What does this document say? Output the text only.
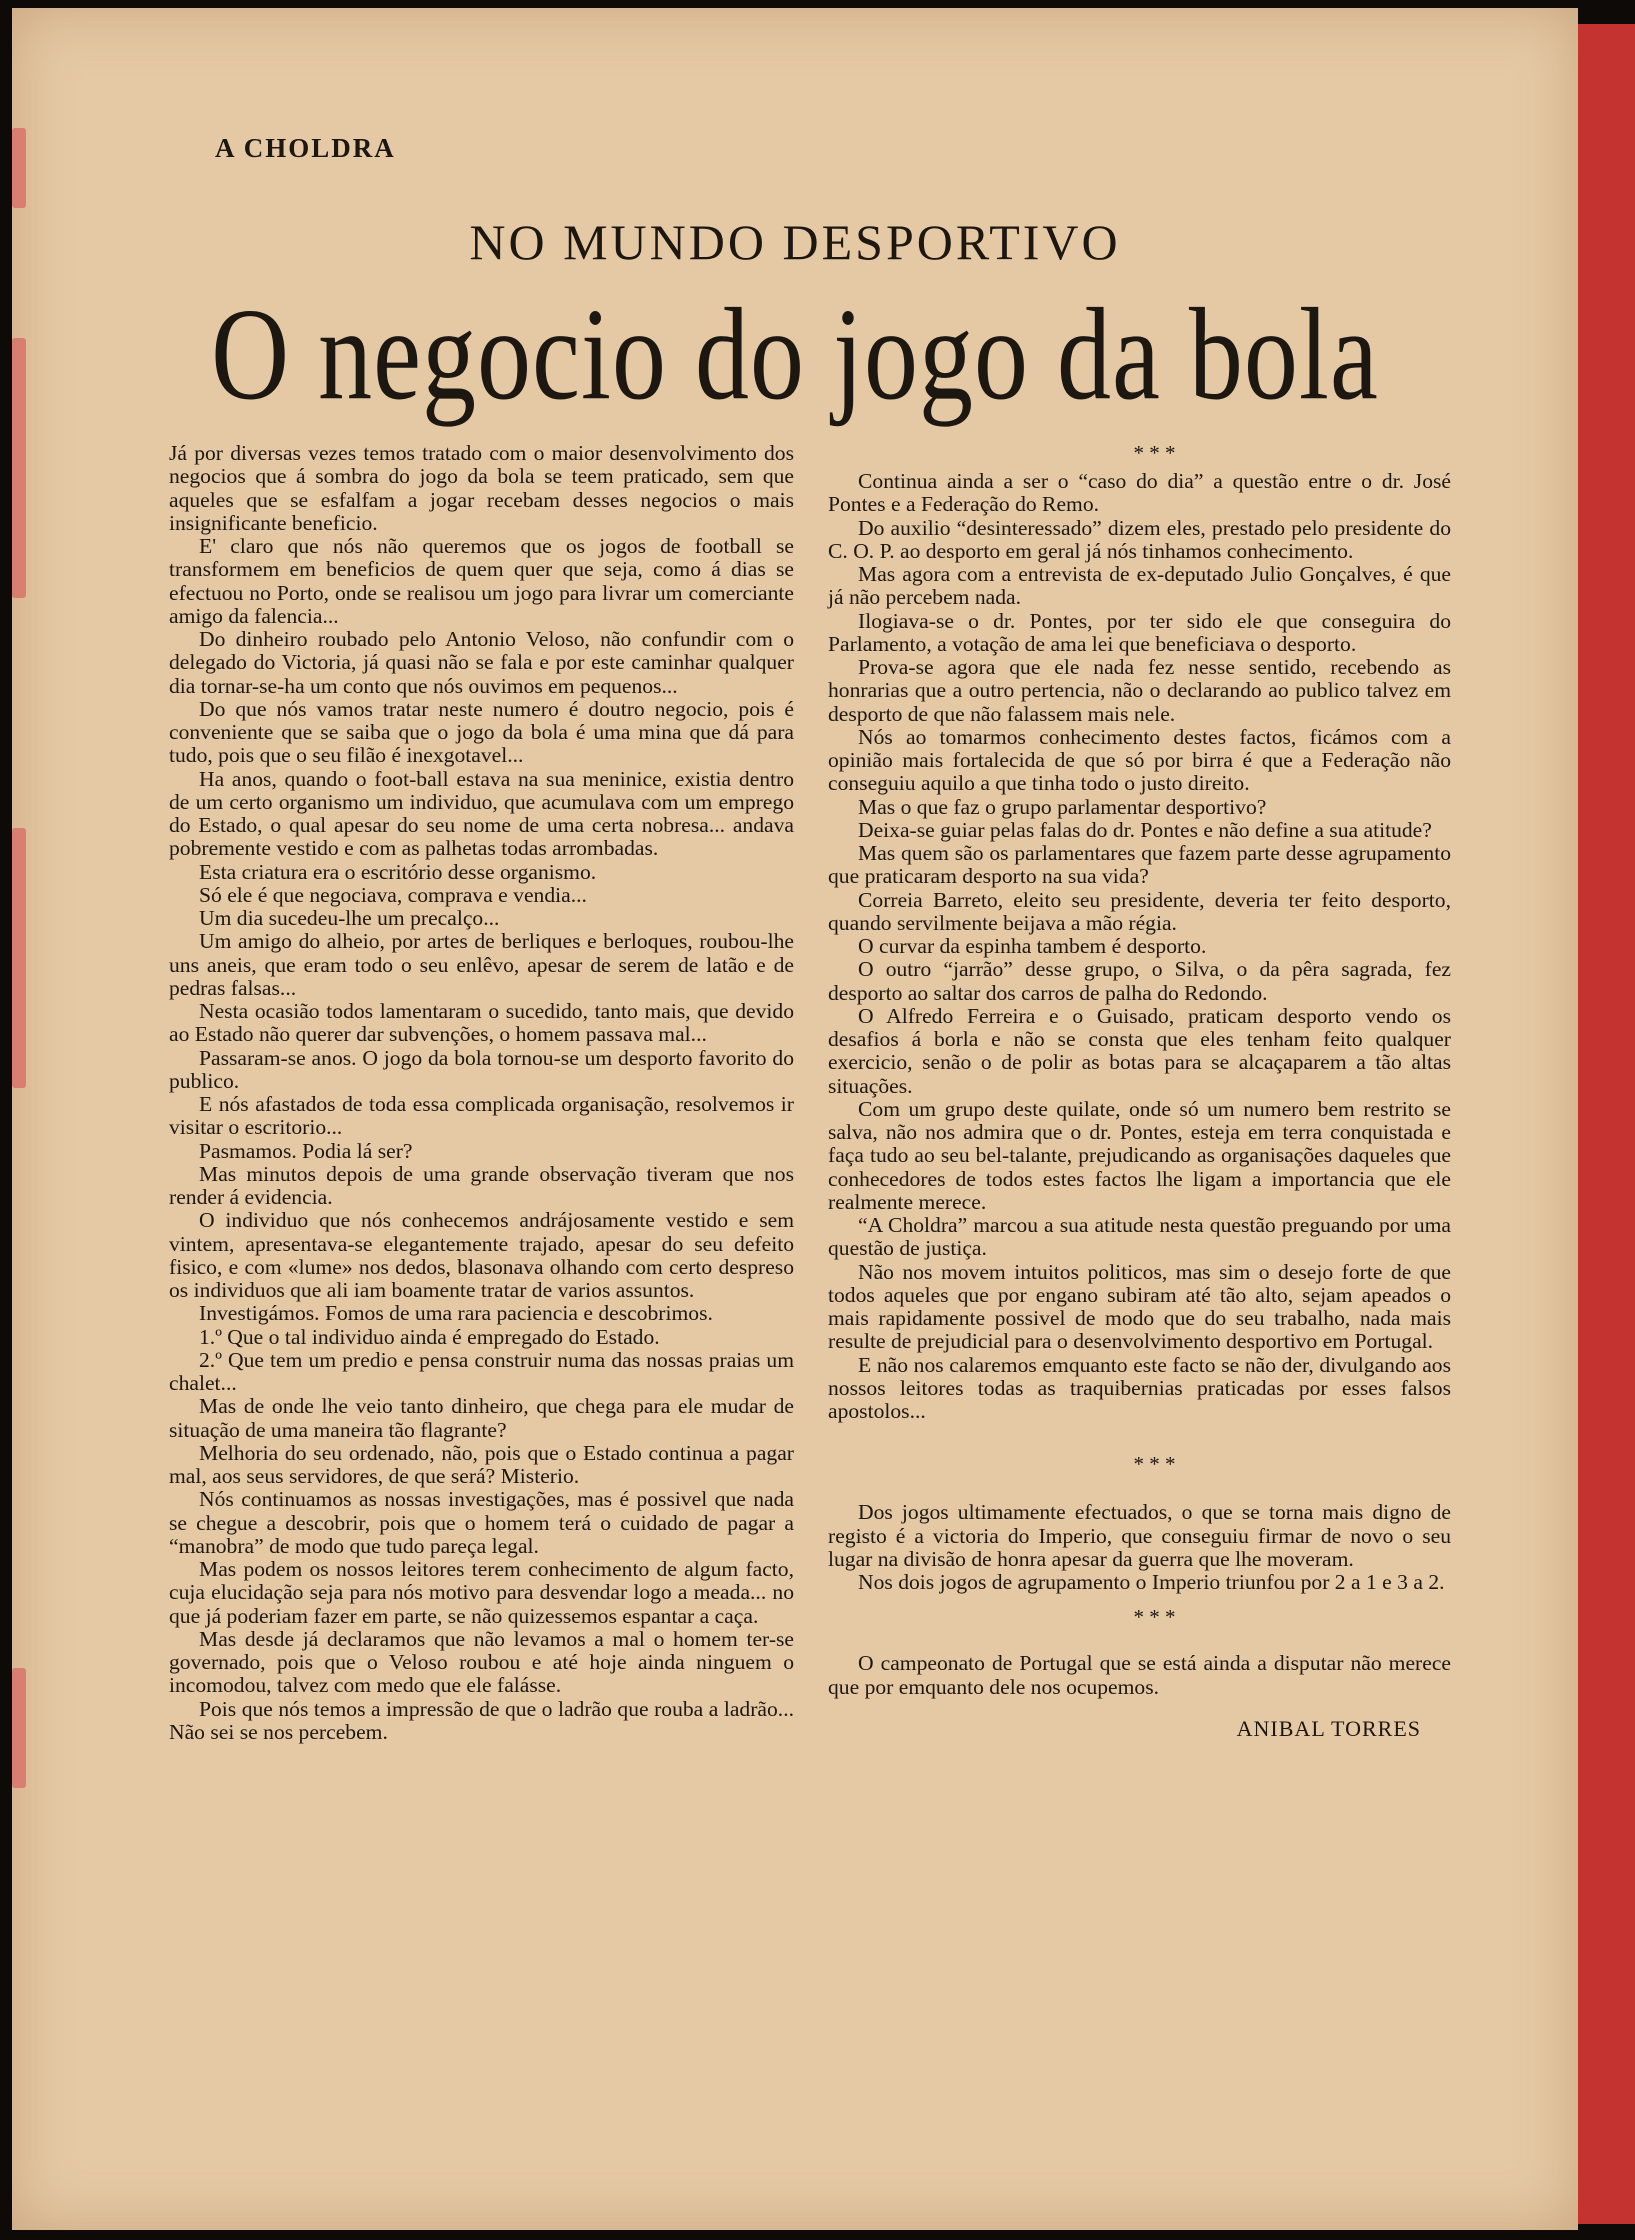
A CHOLDRA
NO MUNDO DESPORTIVO
O negocio do jogo da bola

Já por diversas vezes temos tratado com o maior desenvolvimento dos negocios que á sombra do jogo da bola se teem praticado, sem que aqueles que se esfalfam a jogar recebam desses negocios o mais insignificante beneficio.

E' claro que nós não queremos que os jogos de football se transformem em beneficios de quem quer que seja, como á dias se efectuou no Porto, onde se realisou um jogo para livrar um comerciante amigo da falencia...

Do dinheiro roubado pelo Antonio Veloso, não confundir com o delegado do Victoria, já quasi não se fala e por este caminhar qualquer dia tornar-se-ha um conto que nós ouvimos em pequenos...

Do que nós vamos tratar neste numero é doutro negocio, pois é conveniente que se saiba que o jogo da bola é uma mina que dá para tudo, pois que o seu filão é inexgotavel...

Ha anos, quando o foot-ball estava na sua meninice, existia dentro de um certo organismo um individuo, que acumulava com um emprego do Estado, o qual apesar do seu nome de uma certa nobresa... andava pobremente vestido e com as palhetas todas arrombadas.

Esta criatura era o escritório desse organismo.

Só ele é que negociava, comprava e vendia...

Um dia sucedeu-lhe um precalço...

Um amigo do alheio, por artes de berliques e berloques, roubou-lhe uns aneis, que eram todo o seu enlêvo, apesar de serem de latão e de pedras falsas...

Nesta ocasião todos lamentaram o sucedido, tanto mais, que devido ao Estado não querer dar subvenções, o homem passava mal...

Passaram-se anos. O jogo da bola tornou-se um desporto favorito do publico.

E nós afastados de toda essa complicada organisação, resolvemos ir visitar o escritorio...

Pasmamos. Podia lá ser?

Mas minutos depois de uma grande observação tiveram que nos render á evidencia.

O individuo que nós conhecemos andrájosamente vestido e sem vintem, apresentava-se elegantemente trajado, apesar do seu defeito fisico, e com «lume» nos dedos, blasonava olhando com certo despreso os individuos que ali iam boamente tratar de varios assuntos.

Investigámos. Fomos de uma rara paciencia e descobrimos.

1.º Que o tal individuo ainda é empregado do Estado.

2.º Que tem um predio e pensa construir numa das nossas praias um chalet...

Mas de onde lhe veio tanto dinheiro, que chega para ele mudar de situação de uma maneira tão flagrante?

Melhoria do seu ordenado, não, pois que o Estado continua a pagar mal, aos seus servidores, de que será? Misterio.

Nós continuamos as nossas investigações, mas é possivel que nada se chegue a descobrir, pois que o homem terá o cuidado de pagar a “manobra” de modo que tudo pareça legal.

Mas podem os nossos leitores terem conhecimento de algum facto, cuja elucidação seja para nós motivo para desvendar logo a meada... no que já poderiam fazer em parte, se não quizessemos espantar a caça.

Mas desde já declaramos que não levamos a mal o homem ter-se governado, pois que o Veloso roubou e até hoje ainda ninguem o incomodou, talvez com medo que ele falásse.

Pois que nós temos a impressão de que o ladrão que rouba a ladrão... Não sei se nos percebem.

* * *

Continua ainda a ser o “caso do dia” a questão entre o dr. José Pontes e a Federação do Remo.

Do auxilio “desinteressado” dizem eles, prestado pelo presidente do C. O. P. ao desporto em geral já nós tinhamos conhecimento.

Mas agora com a entrevista de ex-deputado Julio Gonçalves, é que já não percebem nada.

Ilogiava-se o dr. Pontes, por ter sido ele que conseguira do Parlamento, a votação de ama lei que beneficiava o desporto.

Prova-se agora que ele nada fez nesse sentido, recebendo as honrarias que a outro pertencia, não o declarando ao publico talvez em desporto de que não falassem mais nele.

Nós ao tomarmos conhecimento destes factos, ficámos com a opinião mais fortalecida de que só por birra é que a Federação não conseguiu aquilo a que tinha todo o justo direito.

Mas o que faz o grupo parlamentar desportivo?

Deixa-se guiar pelas falas do dr. Pontes e não define a sua atitude?

Mas quem são os parlamentares que fazem parte desse agrupamento que praticaram desporto na sua vida?

Correia Barreto, eleito seu presidente, deveria ter feito desporto, quando servilmente beijava a mão régia.

O curvar da espinha tambem é desporto.

O outro “jarrão” desse grupo, o Silva, o da pêra sagrada, fez desporto ao saltar dos carros de palha do Redondo.

O Alfredo Ferreira e o Guisado, praticam desporto vendo os desafios á borla e não se consta que eles tenham feito qualquer exercicio, senão o de polir as botas para se alcaçaparem a tão altas situações.

Com um grupo deste quilate, onde só um numero bem restrito se salva, não nos admira que o dr. Pontes, esteja em terra conquistada e faça tudo ao seu bel-talante, prejudicando as organisações daqueles que conhecedores de todos estes factos lhe ligam a importancia que ele realmente merece.

“A Choldra” marcou a sua atitude nesta questão preguando por uma questão de justiça.

Não nos movem intuitos politicos, mas sim o desejo forte de que todos aqueles que por engano subiram até tão alto, sejam apeados o mais rapidamente possivel de modo que do seu trabalho, nada mais resulte de prejudicial para o desenvolvimento desportivo em Portugal.

E não nos calaremos emquanto este facto se não der, divulgando aos nossos leitores todas as traquibernias praticadas por esses falsos apostolos...

* * *

Dos jogos ultimamente efectuados, o que se torna mais digno de registo é a victoria do Imperio, que conseguiu firmar de novo o seu lugar na divisão de honra apesar da guerra que lhe moveram.

Nos dois jogos de agrupamento o Imperio triunfou por 2 a 1 e 3 a 2.

* * *

O campeonato de Portugal que se está ainda a disputar não merece que por emquanto dele nos ocupemos.

ANIBAL TORRES
